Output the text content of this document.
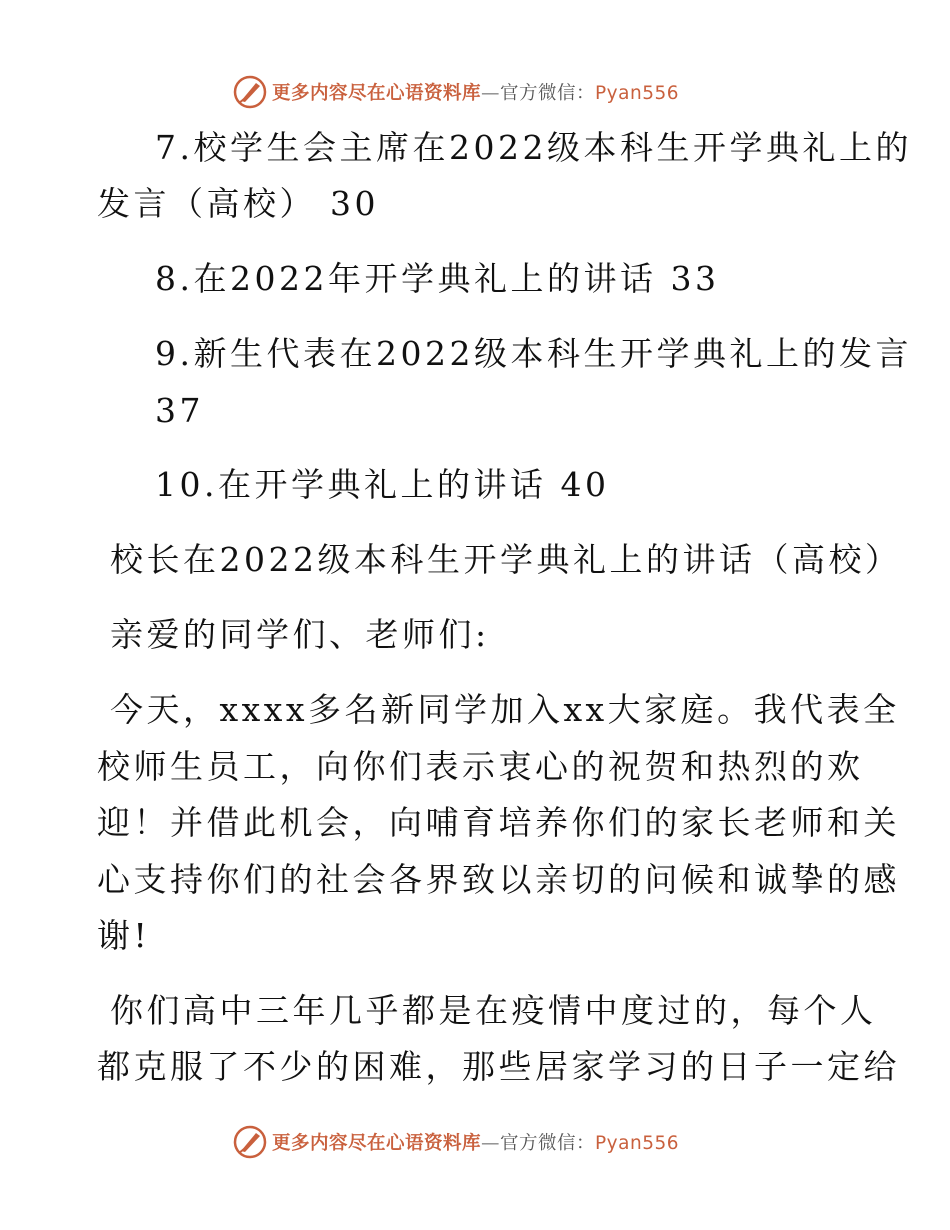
更多内容尽在心语资料库—官方微信：Pyan556
7.校学生会主席在2022级本科生开学典礼上的
发言（高校） 30
8.在2022年开学典礼上的讲话 33
9.新生代表在2022级本科生开学典礼上的发言
37
10.在开学典礼上的讲话 40
校长在2022级本科生开学典礼上的讲话（高校）
亲爱的同学们、老师们:
今天，xxxx多名新同学加入xx大家庭。我代表全
校师生员工，向你们表示衷心的祝贺和热烈的欢
迎！并借此机会，向哺育培养你们的家长老师和关
心支持你们的社会各界致以亲切的问候和诚挚的感
谢!
你们高中三年几乎都是在疫情中度过的，每个人
都克服了不少的困难，那些居家学习的日子一定给
更多内容尽在心语资料库—官方微信：Pyan556
